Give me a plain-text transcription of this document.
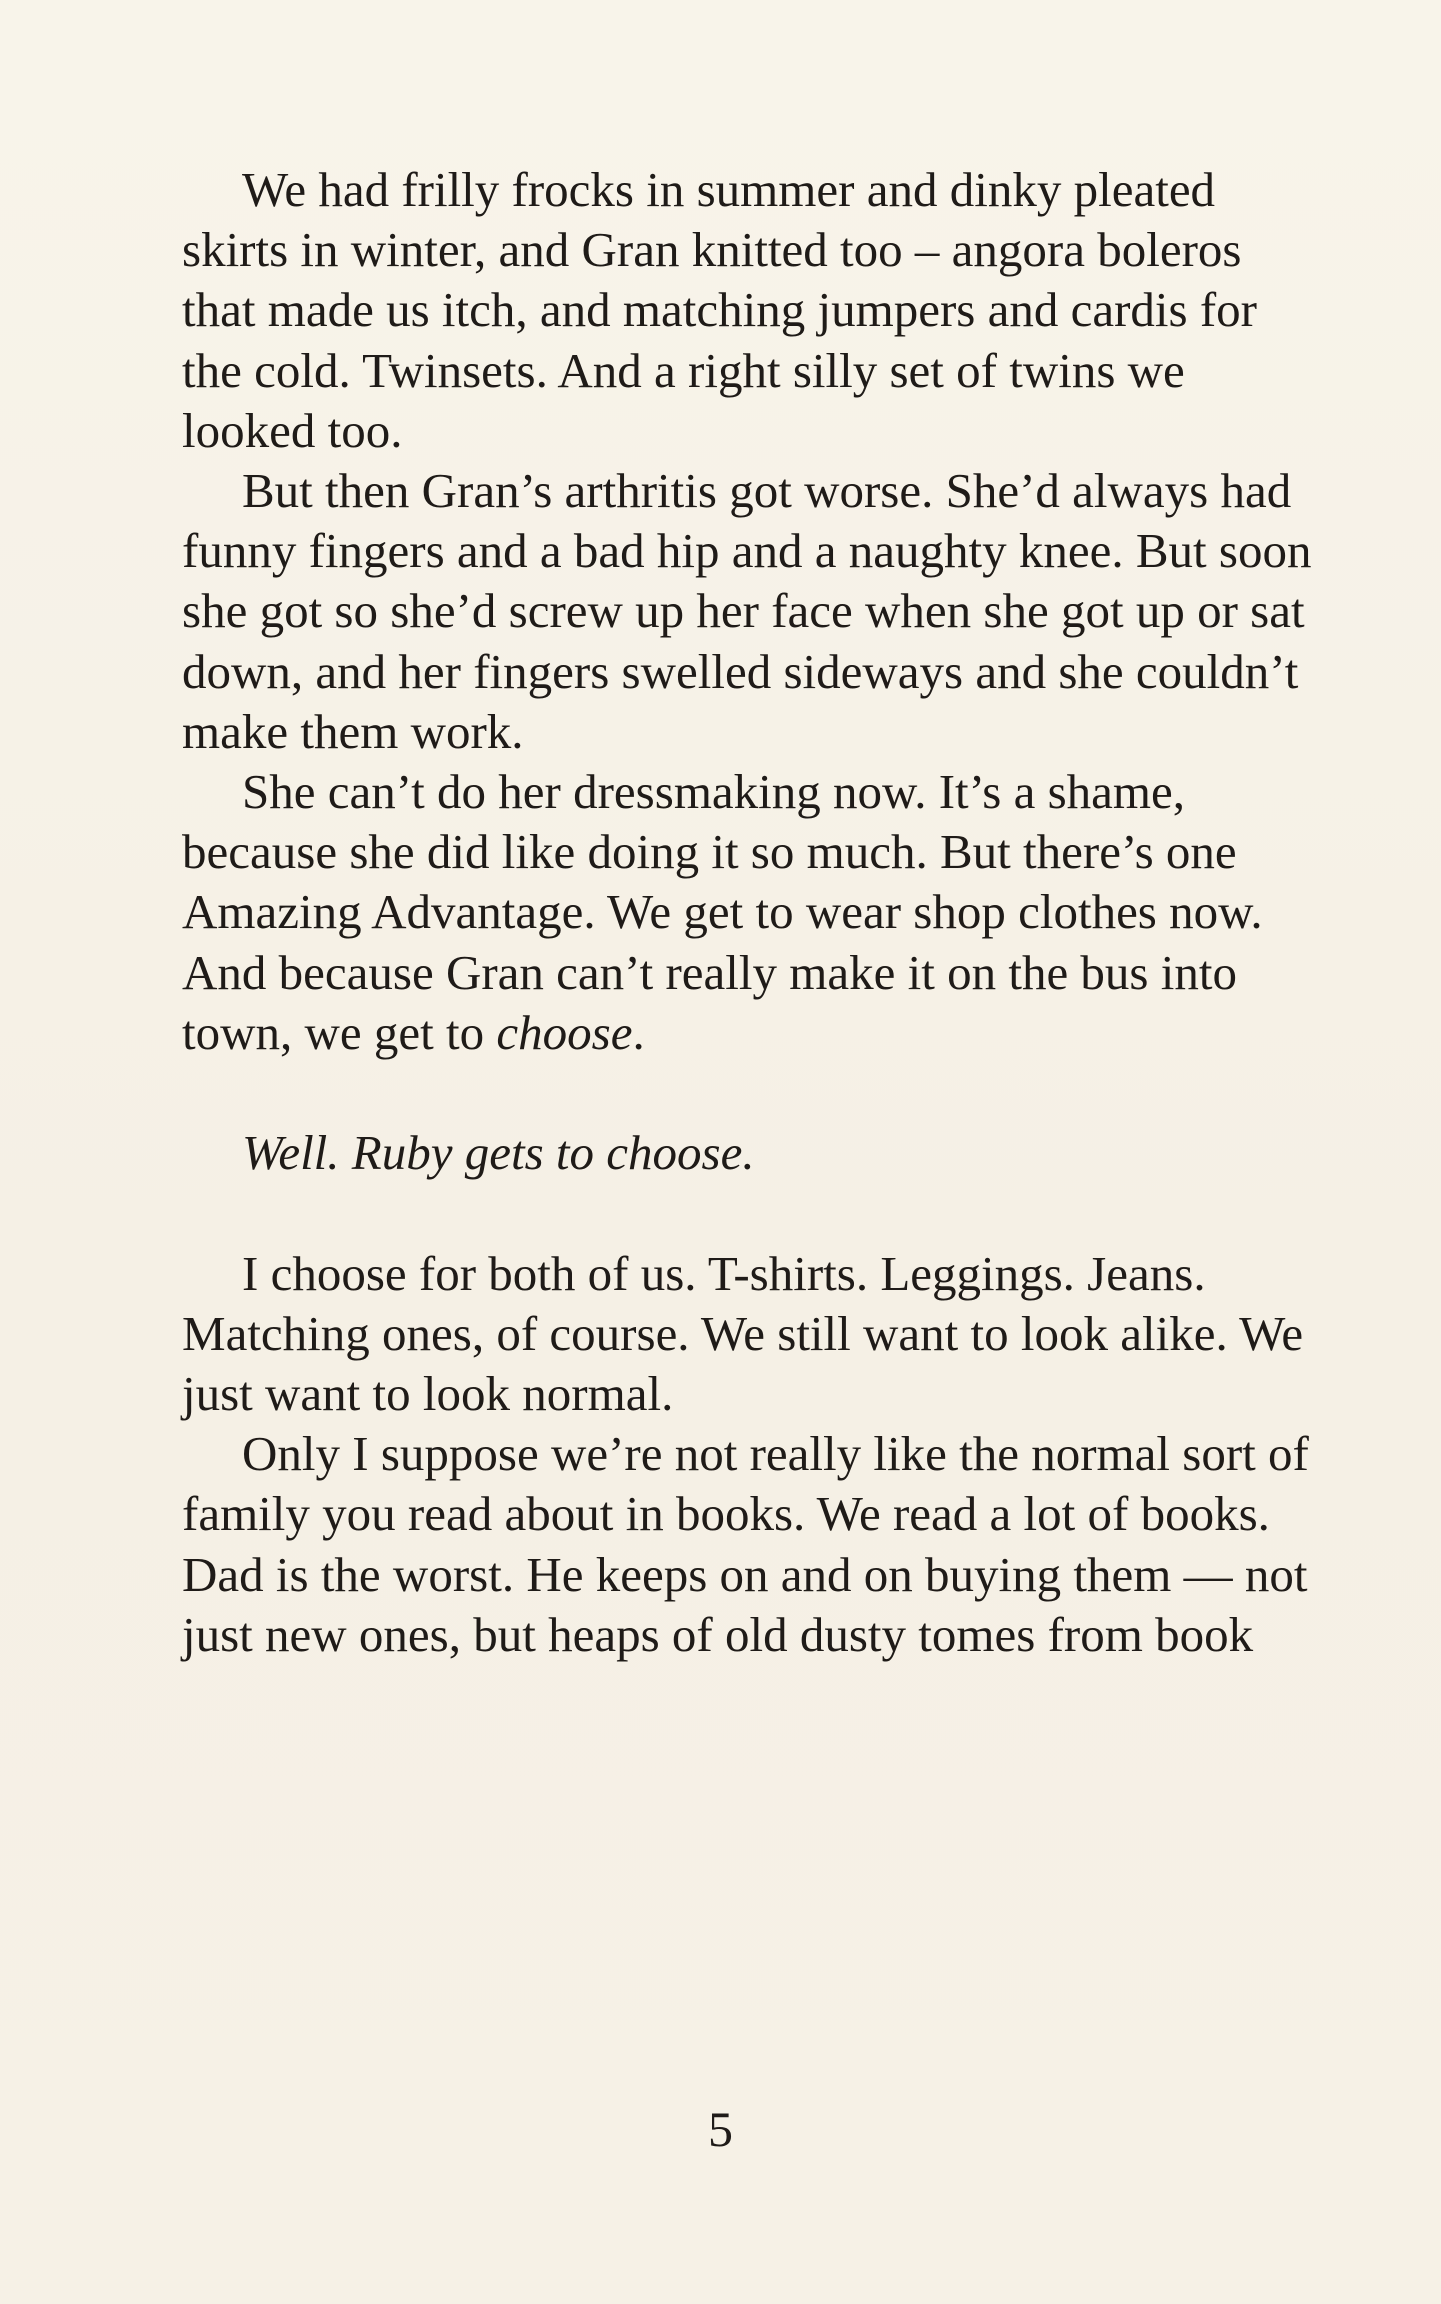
We had frilly frocks in summer and dinky pleated skirts in winter, and Gran knitted too – angora boleros that made us itch, and matching jumpers and cardis for the cold. Twinsets. And a right silly set of twins we looked too.

But then Gran’s arthritis got worse. She’d always had funny fingers and a bad hip and a naughty knee. But soon she got so she’d screw up her face when she got up or sat down, and her fingers swelled sideways and she couldn’t make them work.

She can’t do her dressmaking now. It’s a shame, because she did like doing it so much. But there’s one Amazing Advantage. We get to wear shop clothes now. And because Gran can’t really make it on the bus into town, we get to choose.

Well. Ruby gets to choose.

I choose for both of us. T-shirts. Leggings. Jeans. Matching ones, of course. We still want to look alike. We just want to look normal.

Only I suppose we’re not really like the normal sort of family you read about in books. We read a lot of books. Dad is the worst. He keeps on and on buying them — not just new ones, but heaps of old dusty tomes from book

5
